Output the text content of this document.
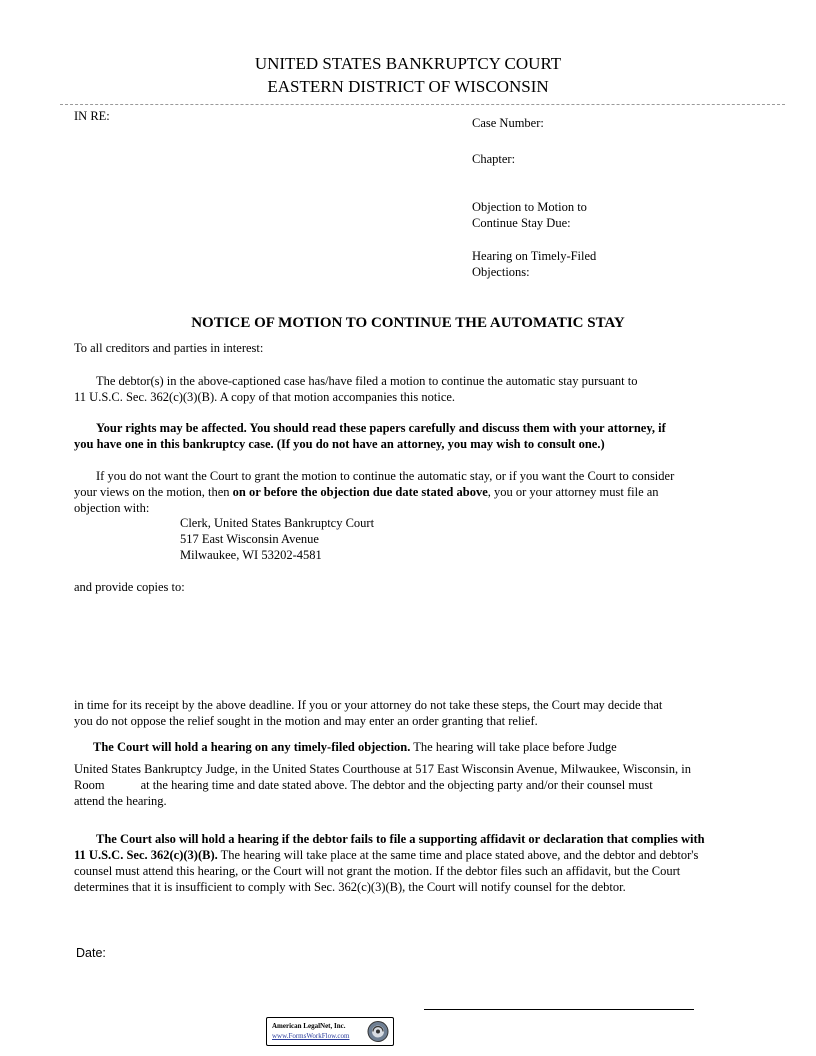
UNITED STATES BANKRUPTCY COURT
EASTERN DISTRICT OF WISCONSIN
IN RE:	Case Number:
Chapter:
Objection to Motion to
Continue Stay Due:
Hearing on Timely-Filed
Objections:
NOTICE OF MOTION TO CONTINUE THE AUTOMATIC STAY
To all creditors and parties in interest:
The debtor(s) in the above-captioned case has/have filed a motion to continue the automatic stay pursuant to
11 U.S.C. Sec. 362(c)(3)(B). A copy of that motion accompanies this notice.
Your rights may be affected. You should read these papers carefully and discuss them with your attorney, if
you have one in this bankruptcy case. (If you do not have an attorney, you may wish to consult one.)
If you do not want the Court to grant the motion to continue the automatic stay, or if you want the Court to consider
your views on the motion, then on or before the objection due date stated above, you or your attorney must file an
objection with:
Clerk, United States Bankruptcy Court
517 East Wisconsin Avenue
Milwaukee, WI 53202-4581
and provide copies to:
in time for its receipt by the above deadline. If you or your attorney do not take these steps, the Court may decide that
you do not oppose the relief sought in the motion and may enter an order granting that relief.
The Court will hold a hearing on any timely-filed objection. The hearing will take place before Judge
United States Bankruptcy Judge, in the United States Courthouse at 517 East Wisconsin Avenue, Milwaukee, Wisconsin, in
Room	at the hearing time and date stated above. The debtor and the objecting party and/or their counsel must
attend the hearing.
The Court also will hold a hearing if the debtor fails to file a supporting affidavit or declaration that complies with
11 U.S.C. Sec. 362(c)(3)(B). The hearing will take place at the same time and place stated above, and the debtor and debtor's
counsel must attend this hearing, or the Court will not grant the motion. If the debtor files such an affidavit, but the Court
determines that it is insufficient to comply with Sec. 362(c)(3)(B), the Court will notify counsel for the debtor.
Date:
American LegalNet, Inc.
www.FormsWorkFlow.com
